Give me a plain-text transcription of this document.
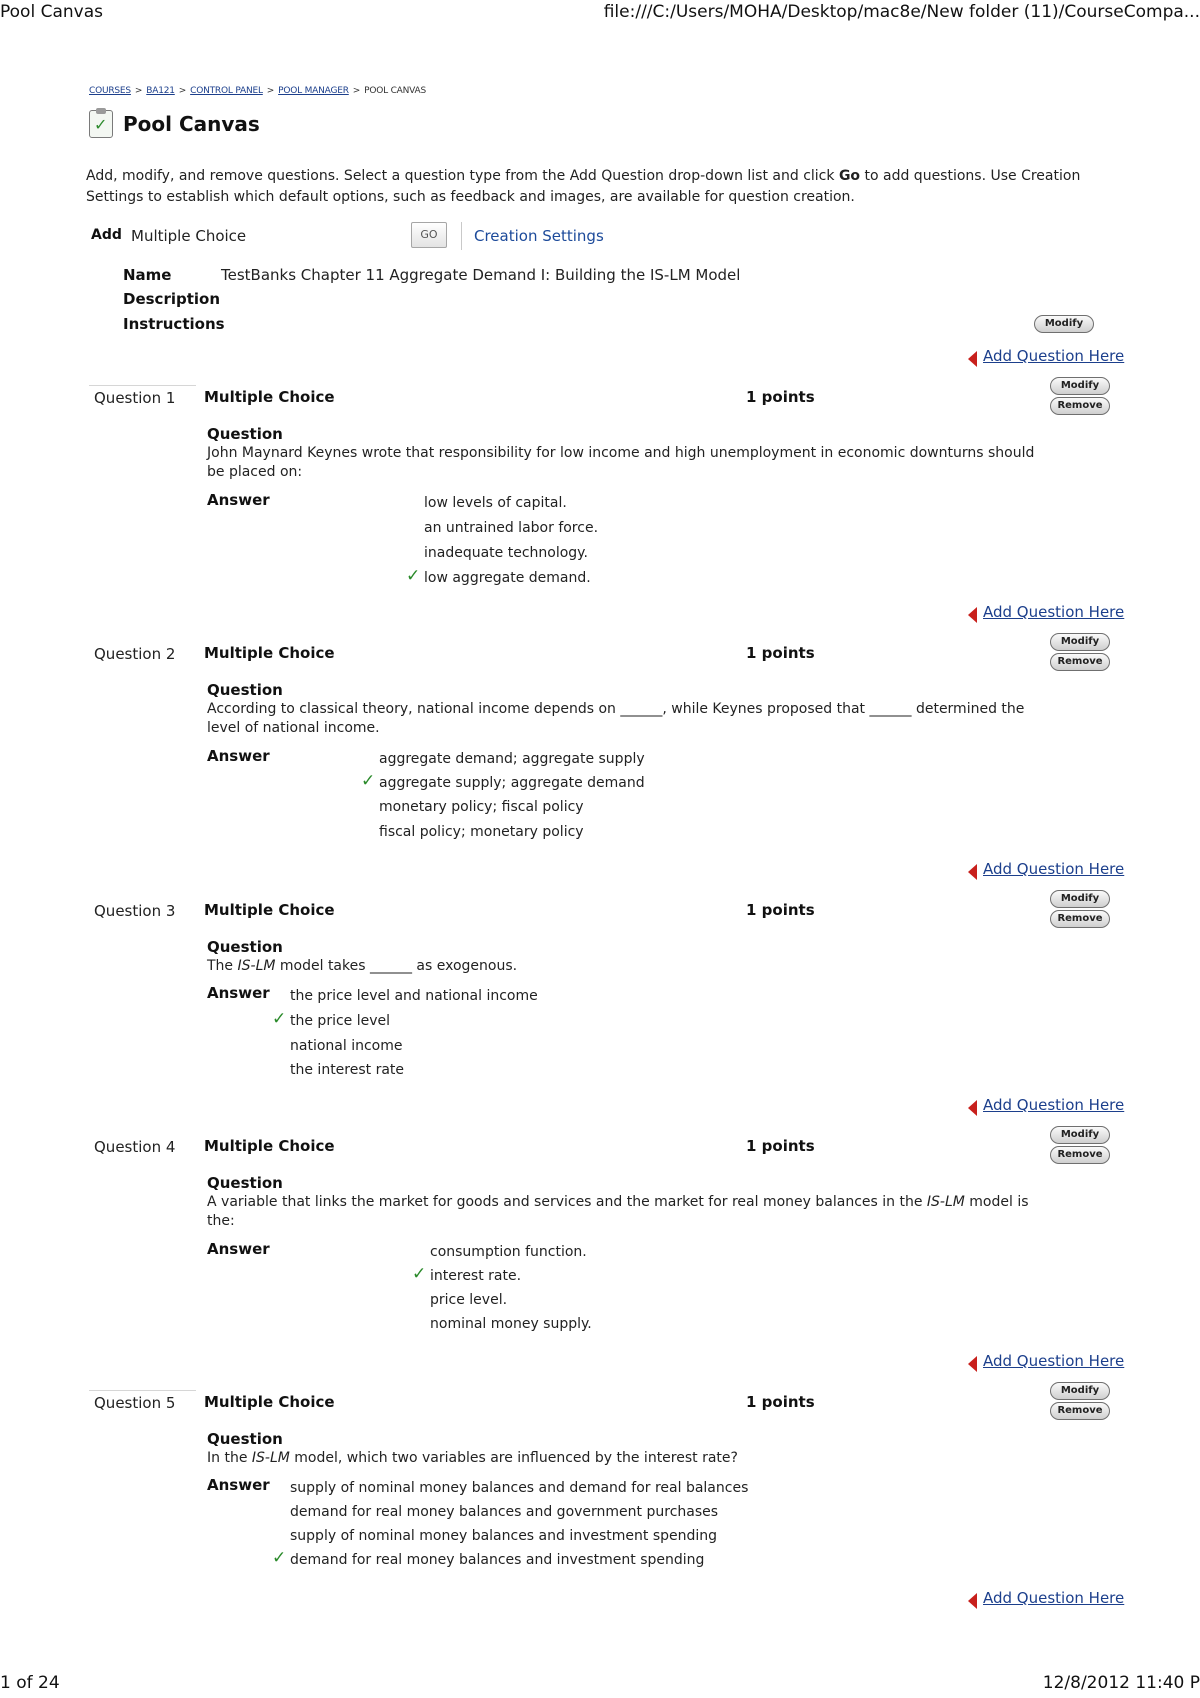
Pool Canvas	file:///C:/Users/MOHA/Desktop/mac8e/New folder (11)/CourseCompa...
COURSES > BA121 > CONTROL PANEL > POOL MANAGER > POOL CANVAS
✓ Pool Canvas
Add, modify, and remove questions. Select a question type from the Add Question drop-down list and click Go to add questions. Use Creation Settings to establish which default options, such as feedback and images, are available for question creation.
Add Multiple Choice	GO	Creation Settings
Name	TestBanks Chapter 11 Aggregate Demand I: Building the IS-LM Model
Description
Instructions	Modify
Add Question Here
Question 1	Multiple Choice	1 points
Modify
Remove
Question
John Maynard Keynes wrote that responsibility for low income and high unemployment in economic downturns should be placed on:
Answer	low levels of capital.
an untrained labor force.
inadequate technology.
✓ low aggregate demand.
Add Question Here
Question 2	Multiple Choice	1 points
Modify
Remove
Question
According to classical theory, national income depends on ______, while Keynes proposed that ______ determined the level of national income.
Answer	aggregate demand; aggregate supply
✓ aggregate supply; aggregate demand
monetary policy; fiscal policy
fiscal policy; monetary policy
Add Question Here
Question 3	Multiple Choice	1 points
Modify
Remove
Question
The IS-LM model takes ______ as exogenous.
Answer the price level and national income
✓ the price level
national income
the interest rate
Add Question Here
Question 4	Multiple Choice	1 points
Modify
Remove
Question
A variable that links the market for goods and services and the market for real money balances in the IS-LM model is the:
Answer	consumption function.
✓ interest rate.
price level.
nominal money supply.
Add Question Here
Question 5	Multiple Choice	1 points
Modify
Remove
Question
In the IS-LM model, which two variables are influenced by the interest rate?
Answer supply of nominal money balances and demand for real balances
demand for real money balances and government purchases
supply of nominal money balances and investment spending
✓ demand for real money balances and investment spending
Add Question Here
1 of 24	12/8/2012 11:40 P
